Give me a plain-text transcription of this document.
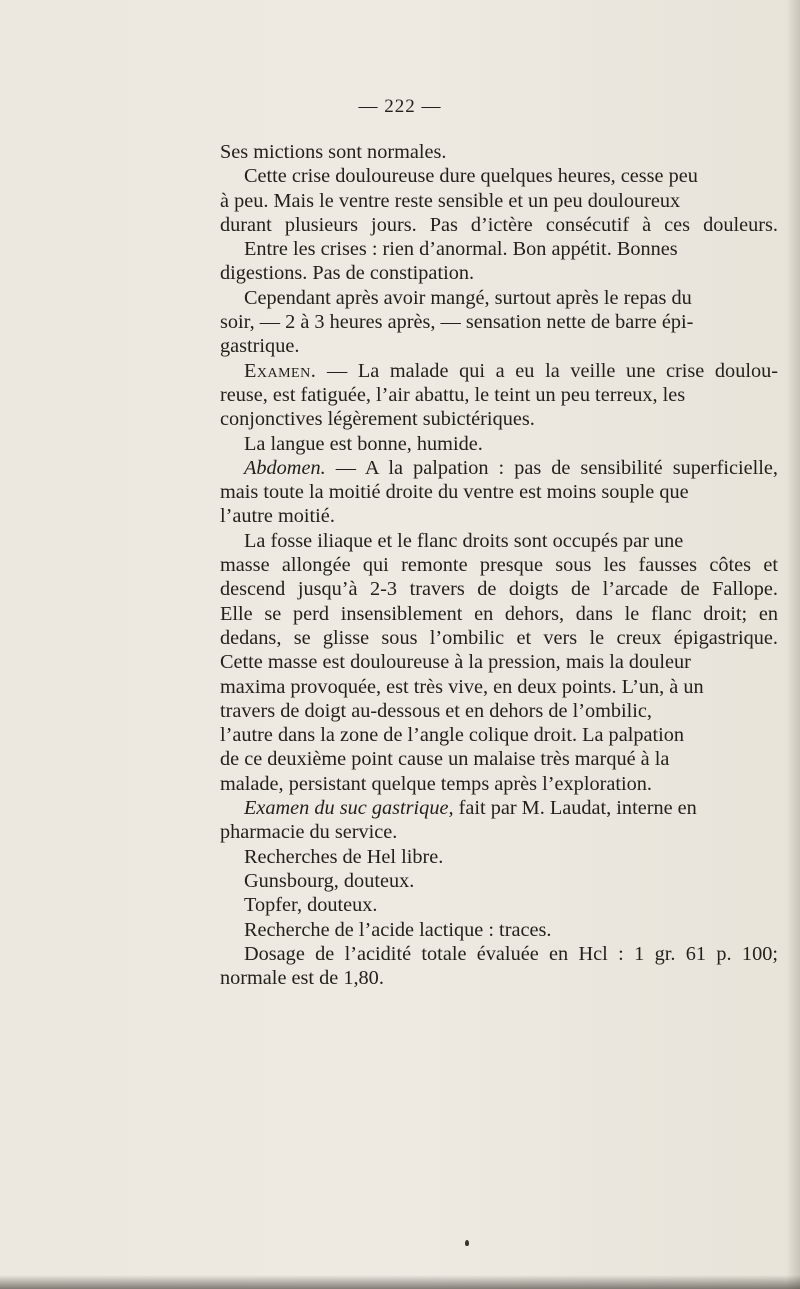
— 222 —
Ses mictions sont normales.
Cette crise douloureuse dure quelques heures, cesse peu
à peu. Mais le ventre reste sensible et un peu douloureux
durant plusieurs jours. Pas d’ictère consécutif à ces douleurs.
Entre les crises : rien d’anormal. Bon appétit. Bonnes
digestions. Pas de constipation.
Cependant après avoir mangé, surtout après le repas du
soir, — 2 à 3 heures après, — sensation nette de barre épi-
gastrique.
Examen. — La malade qui a eu la veille une crise doulou-
reuse, est fatiguée, l’air abattu, le teint un peu terreux, les
conjonctives légèrement subictériques.
La langue est bonne, humide.
Abdomen. — A la palpation : pas de sensibilité superficielle,
mais toute la moitié droite du ventre est moins souple que
l’autre moitié.
La fosse iliaque et le flanc droits sont occupés par une
masse allongée qui remonte presque sous les fausses côtes et
descend jusqu’à 2-3 travers de doigts de l’arcade de Fallope.
Elle se perd insensiblement en dehors, dans le flanc droit; en
dedans, se glisse sous l’ombilic et vers le creux épigastrique.
Cette masse est douloureuse à la pression, mais la douleur
maxima provoquée, est très vive, en deux points. L’un, à un
travers de doigt au-dessous et en dehors de l’ombilic,
l’autre dans la zone de l’angle colique droit. La palpation
de ce deuxième point cause un malaise très marqué à la
malade, persistant quelque temps après l’exploration.
Examen du suc gastrique, fait par M. Laudat, interne en
pharmacie du service.
Recherches de Hel libre.
Gunsbourg, douteux.
Topfer, douteux.
Recherche de l’acide lactique : traces.
Dosage de l’acidité totale évaluée en Hcl : 1 gr. 61 p. 100;
normale est de 1,80.
